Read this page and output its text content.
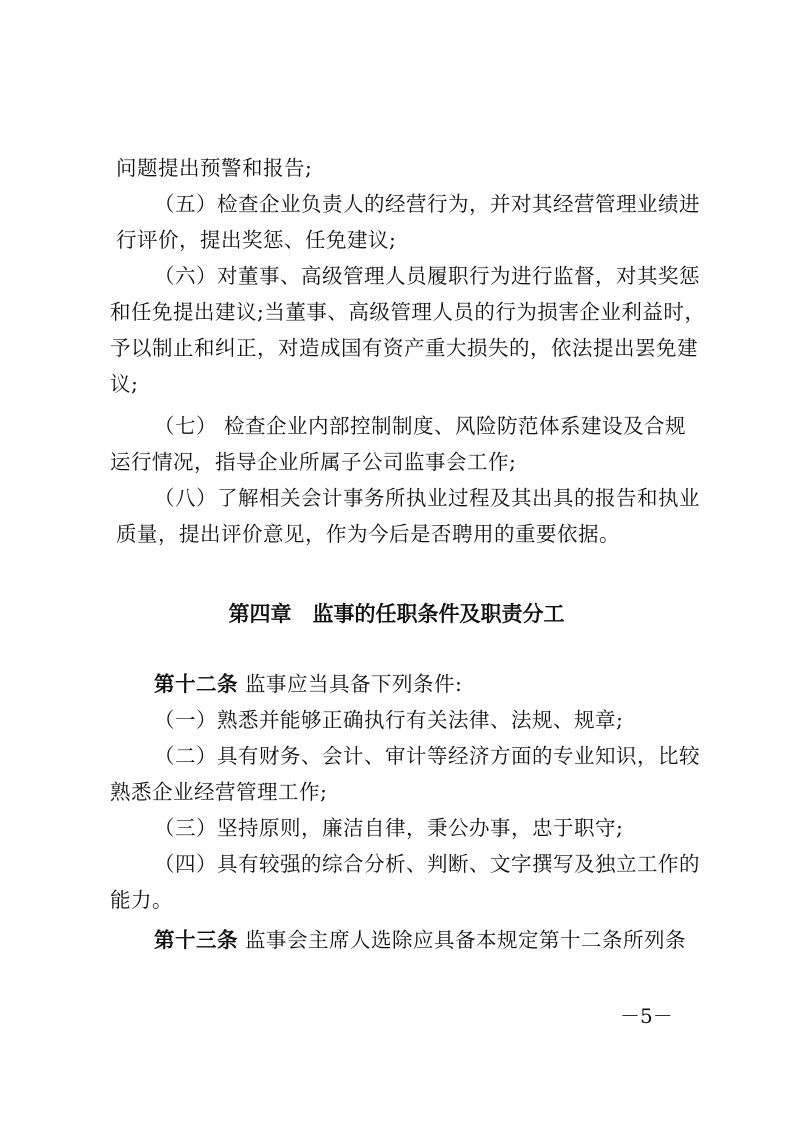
问题提出预警和报告;
（五）检查企业负责人的经营行为，并对其经营管理业绩进
行评价，提出奖惩、任免建议;
（六）对董事、高级管理人员履职行为进行监督，对其奖惩
和任免提出建议;当董事、高级管理人员的行为损害企业利益时，
予以制止和纠正，对造成国有资产重大损失的，依法提出罢免建
议;
（七） 检查企业内部控制制度、风险防范体系建设及合规
运行情况，指导企业所属子公司监事会工作;
（八）了解相关会计事务所执业过程及其出具的报告和执业
质量，提出评价意见，作为今后是否聘用的重要依据。
第四章　监事的任职条件及职责分工
第十二条 监事应当具备下列条件:
（一）熟悉并能够正确执行有关法律、法规、规章;
（二）具有财务、会计、审计等经济方面的专业知识，比较
熟悉企业经营管理工作;
（三）坚持原则，廉洁自律，秉公办事，忠于职守;
（四）具有较强的综合分析、判断、文字撰写及独立工作的
能力。
第十三条 监事会主席人选除应具备本规定第十二条所列条
－5－
